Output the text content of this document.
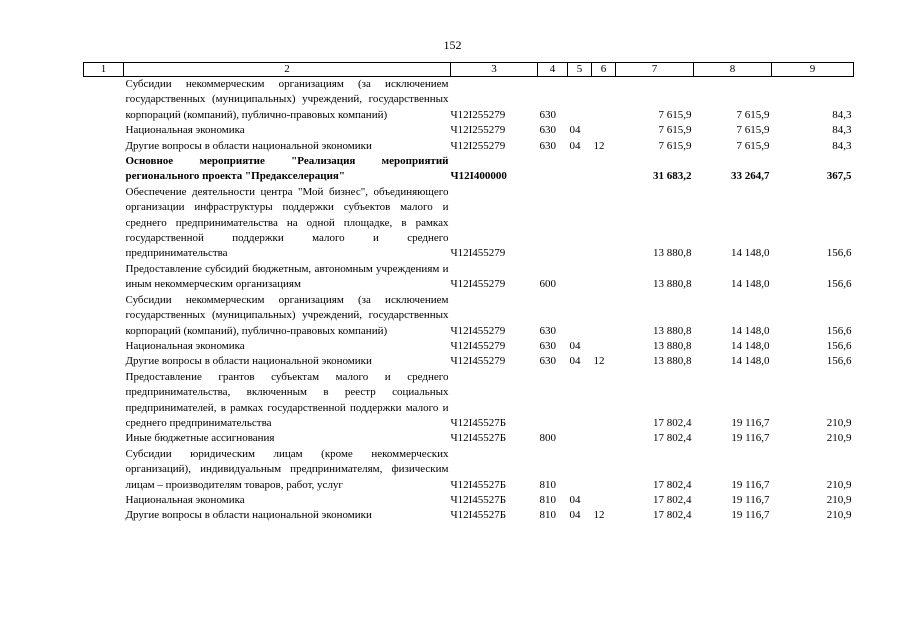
152
1	2	3	4	5	6	7	8	9
	Субсидии некоммерческим организациям (за исключением государственных (муниципальных) учреждений, государственных корпораций (компаний), публично-правовых компаний)	Ч12I255279	630			7 615,9	7 615,9	84,3
	Национальная экономика	Ч12I255279	630	04		7 615,9	7 615,9	84,3
	Другие вопросы в области национальной экономики	Ч12I255279	630	04	12	7 615,9	7 615,9	84,3
	Основное мероприятие "Реализация мероприятий регионального проекта "Предакселерация"	Ч12I400000				31 683,2	33 264,7	367,5
	Обеспечение деятельности центра "Мой бизнес", объединяющего организации инфраструктуры поддержки субъектов малого и среднего предпринимательства на одной площадке, в рамках государственной поддержки малого и среднего предпринимательства	Ч12I455279				13 880,8	14 148,0	156,6
	Предоставление субсидий бюджетным, автономным учреждениям и иным некоммерческим организациям	Ч12I455279	600			13 880,8	14 148,0	156,6
	Субсидии некоммерческим организациям (за исключением государственных (муниципальных) учреждений, государственных корпораций (компаний), публично-правовых компаний)	Ч12I455279	630			13 880,8	14 148,0	156,6
	Национальная экономика	Ч12I455279	630	04		13 880,8	14 148,0	156,6
	Другие вопросы в области национальной экономики	Ч12I455279	630	04	12	13 880,8	14 148,0	156,6
	Предоставление грантов субъектам малого и среднего предпринимательства, включенным в реестр социальных предпринимателей, в рамках государственной поддержки малого и среднего предпринимательства	Ч12I45527Б				17 802,4	19 116,7	210,9
	Иные бюджетные ассигнования	Ч12I45527Б	800			17 802,4	19 116,7	210,9
	Субсидии юридическим лицам (кроме некоммерческих организаций), индивидуальным предпринимателям, физическим лицам – производителям товаров, работ, услуг	Ч12I45527Б	810			17 802,4	19 116,7	210,9
	Национальная экономика	Ч12I45527Б	810	04		17 802,4	19 116,7	210,9
	Другие вопросы в области национальной экономики	Ч12I45527Б	810	04	12	17 802,4	19 116,7	210,9
